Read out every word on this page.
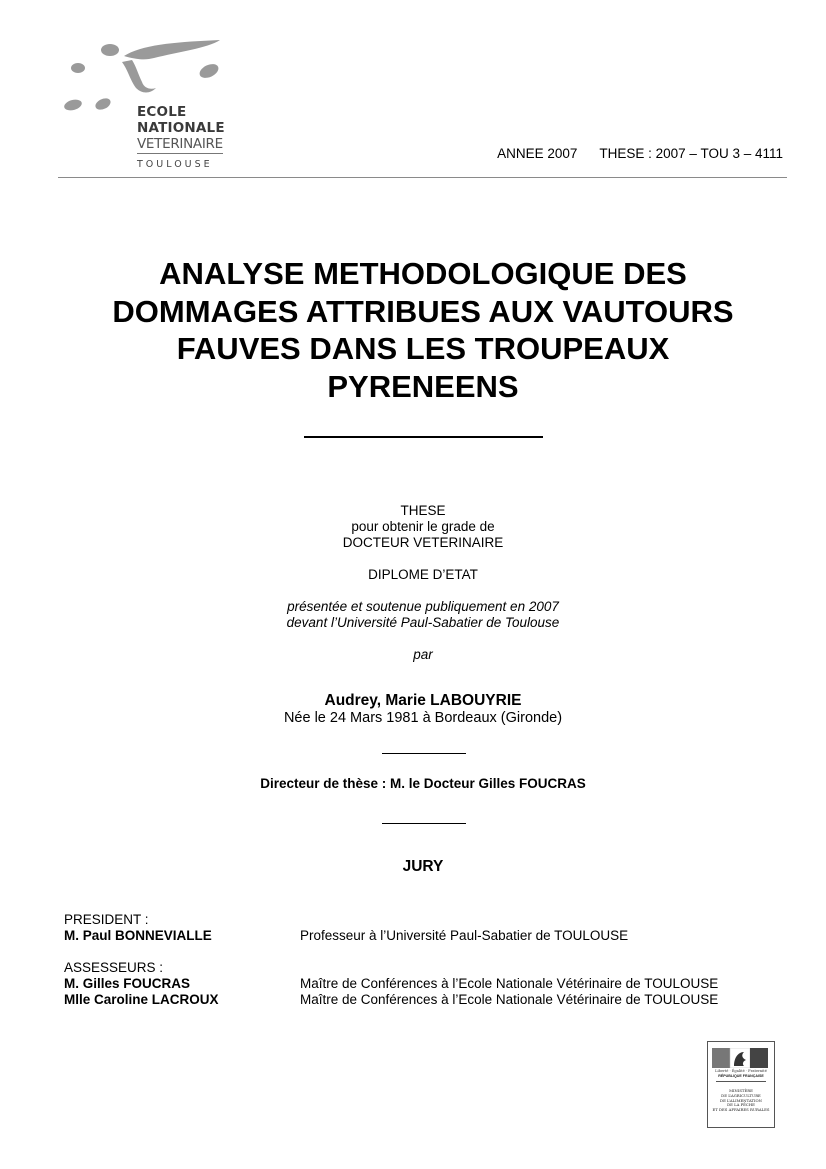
ECOLE
NATIONALE
VETERINAIRE
TOULOUSE
ANNEE 2007 THESE : 2007 – TOU 3 – 4111
ANALYSE METHODOLOGIQUE DES
DOMMAGES ATTRIBUES AUX VAUTOURS
FAUVES DANS LES TROUPEAUX
PYRENEENS
THESE
pour obtenir le grade de
DOCTEUR VETERINAIRE
DIPLOME D’ETAT
présentée et soutenue publiquement en 2007
devant l’Université Paul-Sabatier de Toulouse
par
Audrey, Marie LABOUYRIE
Née le 24 Mars 1981 à Bordeaux (Gironde)
Directeur de thèse : M. le Docteur Gilles FOUCRAS
JURY
PRESIDENT :
M. Paul BONNEVIALLE	Professeur à l’Université Paul-Sabatier de TOULOUSE
ASSESSEURS :
M. Gilles FOUCRAS	Maître de Conférences à l’Ecole Nationale Vétérinaire de TOULOUSE
Mlle Caroline LACROUX	Maître de Conférences à l’Ecole Nationale Vétérinaire de TOULOUSE
Liberté · Égalité · Fraternité
RÉPUBLIQUE FRANÇAISE
MINISTÈRE
DE L’AGRICULTURE
DE L’ALIMENTATION
DE LA PÊCHE
ET DES AFFAIRES RURALES
